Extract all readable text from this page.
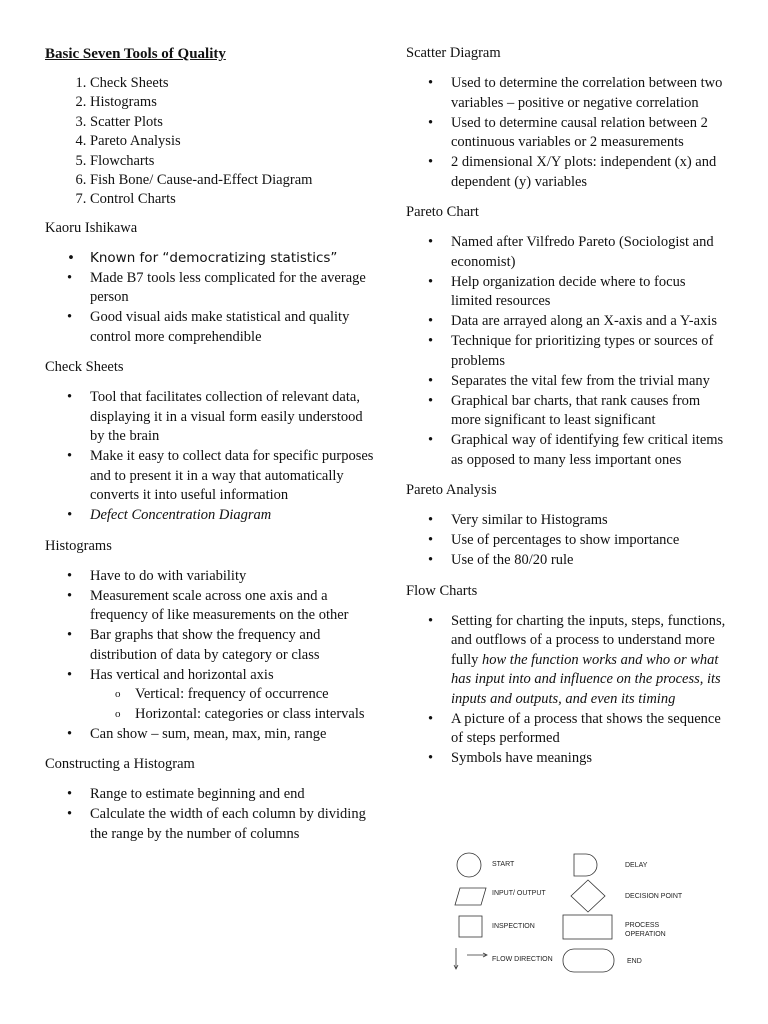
Basic Seven Tools of Quality
1. Check Sheets
2. Histograms
3. Scatter Plots
4. Pareto Analysis
5. Flowcharts
6. Fish Bone/ Cause-and-Effect Diagram
7. Control Charts
Kaoru Ishikawa
• Known for “democratizing statistics”
• Made B7 tools less complicated for the average person
• Good visual aids make statistical and quality control more comprehendible
Check Sheets
• Tool that facilitates collection of relevant data, displaying it in a visual form easily understood by the brain
• Make it easy to collect data for specific purposes and to present it in a way that automatically converts it into useful information
• Defect Concentration Diagram
Histograms
• Have to do with variability
• Measurement scale across one axis and a frequency of like measurements on the other
• Bar graphs that show the frequency and distribution of data by category or class
• Has vertical and horizontal axis
o Vertical: frequency of occurrence
o Horizontal: categories or class intervals
• Can show – sum, mean, max, min, range
Constructing a Histogram
• Range to estimate beginning and end
• Calculate the width of each column by dividing the range by the number of columns
Scatter Diagram
• Used to determine the correlation between two variables – positive or negative correlation
• Used to determine causal relation between 2 continuous variables or 2 measurements
• 2 dimensional X/Y plots: independent (x) and dependent (y) variables
Pareto Chart
• Named after Vilfredo Pareto (Sociologist and economist)
• Help organization decide where to focus limited resources
• Data are arrayed along an X-axis and a Y-axis
• Technique for prioritizing types or sources of problems
• Separates the vital few from the trivial many
• Graphical bar charts, that rank causes from more significant to least significant
• Graphical way of identifying few critical items as opposed to many less important ones
Pareto Analysis
• Very similar to Histograms
• Use of percentages to show importance
• Use of the 80/20 rule
Flow Charts
• Setting for charting the inputs, steps, functions, and outflows of a process to understand more fully how the function works and who or what has input into and influence on the process, its inputs and outputs, and even its timing
• A picture of a process that shows the sequence of steps performed
• Symbols have meanings
START	DELAY
INPUT/ OUTPUT	DECISION POINT
INSPECTION	PROCESS OPERATION
FLOW DIRECTION	END
